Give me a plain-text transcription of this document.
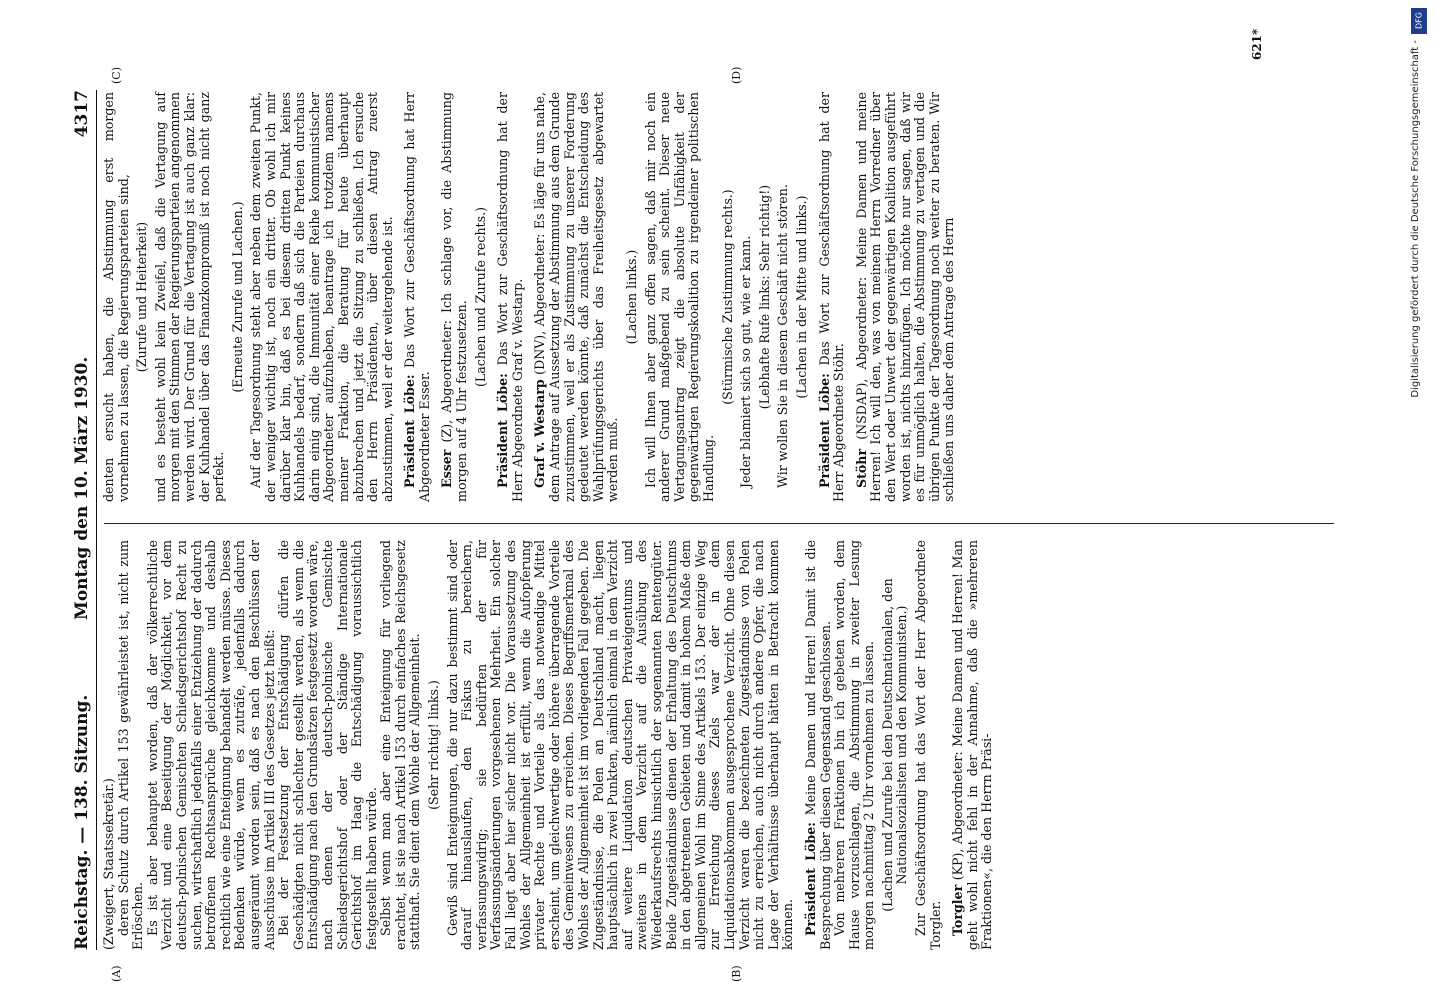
Reichstag. — 138. Sitzung.
Montag den 10. März 1930.
4317

(Zweigert, Staatssekretär.) deren Schutz durch Artikel 153 gewährleistet ist, nicht zum Erlöschen. Es ist aber behauptet worden, daß der völkerrechtliche Verzicht und eine Beseitigung der Möglichkeit, vor dem deutsch-polnischen Gemischten Schiedsgerichtshof Recht zu suchen, wirtschaftlich jedenfalls einer Entziehung der dadurch betroffenen Rechtsansprüche gleichkomme und deshalb rechtlich wie eine Enteignung behandelt werden müsse. Dieses Bedenken würde, wenn es zuträfe, jedenfalls dadurch ausgeräumt worden sein, daß es nach den Beschlüssen der Ausschüsse im Artikel III des Gesetzes jetzt heißt: Bei der Festsetzung der Entschädigung dürfen die Geschädigten nicht schlechter gestellt werden, als wenn die Entschädigung nach den Grundsätzen festgesetzt worden wäre, nach denen der deutsch-polnische Gemischte Schiedsgerichtshof oder der Ständige Internationale Gerichtshof im Haag die Entschädigung voraussichtlich festgestellt haben würde. Selbst wenn man aber eine Enteignung für vorliegend erachtet, ist sie nach Artikel 153 durch einfaches Reichsgesetz statthaft. Sie dient dem Wohle der Allgemeinheit. (Sehr richtig! links.) Gewiß sind Enteignungen, die nur dazu bestimmt sind oder darauf hinauslaufen, den Fiskus zu bereichern, verfassungswidrig; sie bedürften der für Verfassungsänderungen vorgesehenen Mehrheit. Ein solcher Fall liegt aber hier sicher nicht vor. Die Voraussetzung des Wohles der Allgemeinheit ist erfüllt, wenn die Aufopferung privater Rechte und Vorteile als das notwendige Mittel erscheint, um gleichwertige oder höhere überragende Vorteile des Gemeinwesens zu erreichen. Dieses Begriffsmerkmal des Wohles der Allgemeinheit ist im vorliegenden Fall gegeben. Die Zugeständnisse, die Polen an Deutschland macht, liegen hauptsächlich in zwei Punkten, nämlich einmal in dem Verzicht auf weitere Liquidation deutschen Privateigentums und zweitens in dem Verzicht auf die Ausübung des Wiederkaufsrechts hinsichtlich der sogenannten Rentengüter. Beide Zugeständnisse dienen der Erhaltung des Deutschtums in den abgetretenen Gebieten und damit in hohem Maße dem allgemeinen Wohl im Sinne des Artikels 153. Der einzige Weg zur Erreichung dieses Ziels war der in dem Liquidationsabkommen ausgesprochene Verzicht. Ohne diesen Verzicht waren die bezeichneten Zugeständnisse von Polen nicht zu erreichen, auch nicht durch andere Opfer, die nach Lage der Verhältnisse überhaupt hätten in Betracht kommen können. Präsident Löbe: Meine Damen und Herren! Damit ist die Besprechung über diesen Gegenstand geschlossen. Von mehreren Fraktionen bin ich gebeten worden, dem Hause vorzuschlagen, die Abstimmung in zweiter Lesung morgen nachmittag 2 Uhr vornehmen zu lassen. (Lachen und Zurufe bei den Deutschnationalen, den Nationalsozialisten und den Kommunisten.) Zur Geschäftsordnung hat das Wort der Herr Abgeordnete Torgler. Torgler (KP), Abgeordneter: Meine Damen und Herren! Man geht wohl nicht fehl in der Annahme, daß die »mehreren Fraktionen«, die den Herrn Präsi-

denten ersucht haben, die Abstimmung erst morgen vornehmen zu lassen, die Regierungsparteien sind, (Zurufe und Heiterkeit) und es besteht wohl kein Zweifel, daß die Vertagung auf morgen mit den Stimmen der Regierungsparteien angenommen werden wird. Der Grund für die Vertagung ist auch ganz klar: der Kuhhandel über das Finanzkompromiß ist noch nicht ganz perfekt.

(Erneute Zurufe und Lachen.) Auf der Tagesordnung steht aber neben dem zweiten Punkt, der weniger wichtig ist, noch ein dritter. Ob wohl ich mir darüber klar bin, daß es bei diesem dritten Punkt keines Kuhhandels bedarf, sondern daß sich die Parteien durchaus darin einig sind, die Immunität einer Reihe kommunistischer Abgeordneter aufzuheben, beantrage ich trotzdem namens meiner Fraktion, die Beratung für heute überhaupt abzubrechen und jetzt die Sitzung zu schließen. Ich ersuche den Herrn Präsidenten, über diesen Antrag zuerst abzustimmen, weil er der weitergehende ist. Präsident Löbe: Das Wort zur Geschäftsordnung hat Herr Abgeordneter Esser. Esser (Z), Abgeordneter: Ich schlage vor, die Abstimmung morgen auf 4 Uhr festzusetzen.

(Lachen und Zurufe rechts.)

Präsident Löbe: Das Wort zur Geschäftsordnung hat der Herr Abgeordnete Graf v. Westarp. Graf v. Westarp (DNV), Abgeordneter: Es läge für uns nahe, dem Antrage auf Aussetzung der Abstimmung aus dem Grunde zuzustimmen, weil er als Zustimmung zu unserer Forderung gedeutet werden könnte, daß zunächst die Entscheidung des Wahlprüfungsgerichts über das Freiheitsgesetz abgewartet werden muß.

(Lachen links.) Ich will Ihnen aber ganz offen sagen, daß mir noch ein anderer Grund maßgebend zu sein scheint. Dieser neue Vertagungsantrag zeigt die absolute Unfähigkeit der gegenwärtigen Regierungskoalition zu irgendeiner politischen Handlung.

(Stürmische Zustimmung rechts.) Jeder blamiert sich so gut, wie er kann. (Lebhafte Rufe links: Sehr richtig!) Wir wollen Sie in diesem Geschäft nicht stören. (Lachen in der Mitte und links.)

Präsident Löbe: Das Wort zur Geschäftsordnung hat der Herr Abgeordnete Stöhr. Stöhr (NSDAP), Abgeordneter: Meine Damen und meine Herren! Ich will den, was von meinem Herrn Vorredner über den Wert oder Unwert der gegenwärtigen Koalition ausgeführt worden ist, nichts hinzufügen. Ich möchte nur sagen, daß wir es für unmöglich halten, die Abstimmung zu vertagen und die übrigen Punkte der Tagesordnung noch weiter zu beraten. Wir schließen uns daher dem Antrage des Herrn

(A)	(B)
(C)	(D)
621*
DFG
Digitalisierung gefördert durch die Deutsche Forschungsgemeinschaft -
